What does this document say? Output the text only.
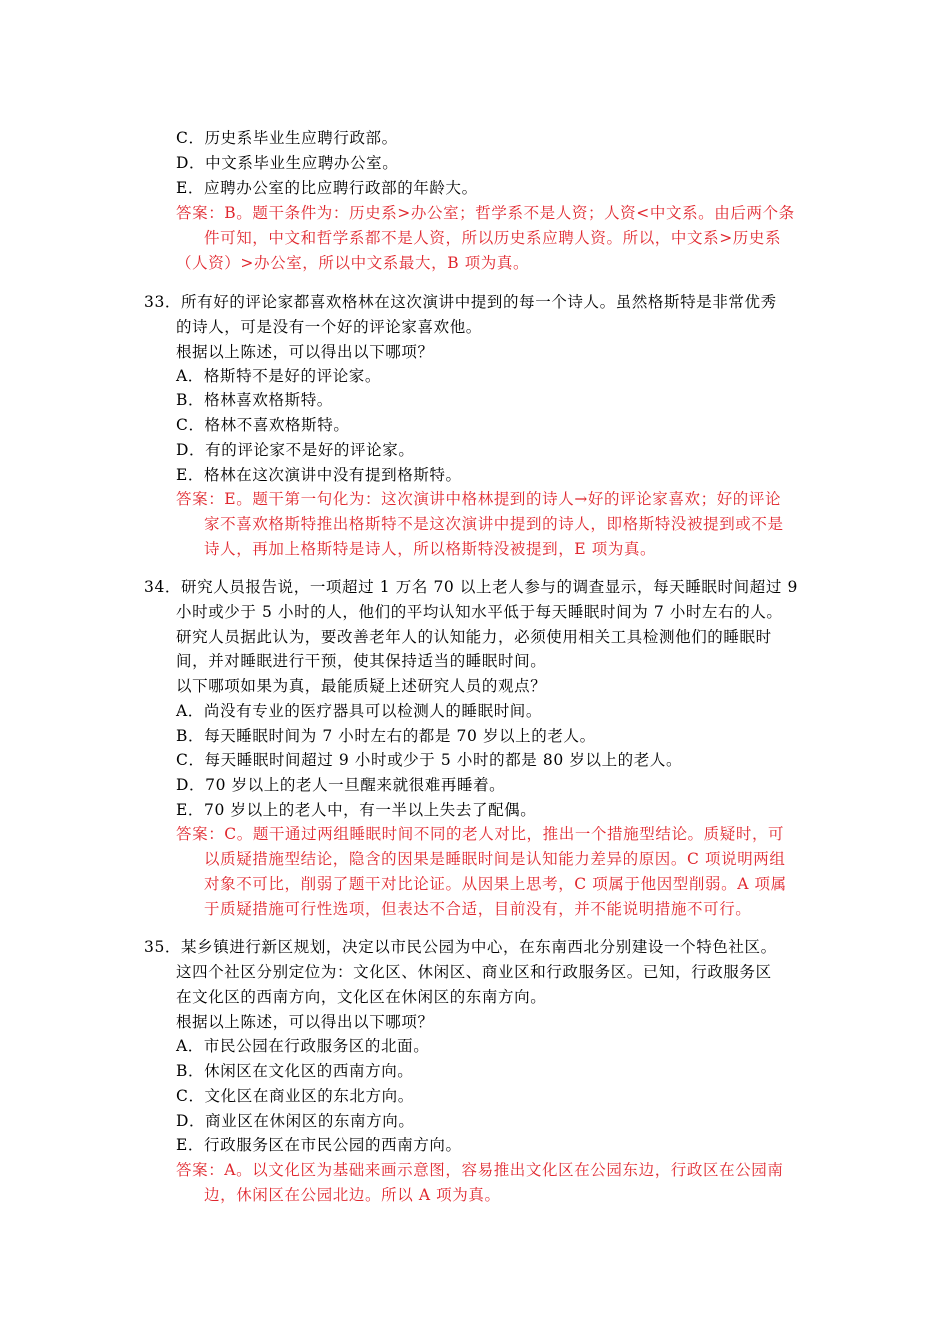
C．历史系毕业生应聘行政部。
D．中文系毕业生应聘办公室。
E．应聘办公室的比应聘行政部的年龄大。
答案：B。题干条件为：历史系>办公室；哲学系不是人资；人资<中文系。由后两个条
件可知，中文和哲学系都不是人资，所以历史系应聘人资。所以，中文系>历史系
（人资）>办公室，所以中文系最大，B 项为真。
33．所有好的评论家都喜欢格林在这次演讲中提到的每一个诗人。虽然格斯特是非常优秀
的诗人，可是没有一个好的评论家喜欢他。
根据以上陈述，可以得出以下哪项？
A．格斯特不是好的评论家。
B．格林喜欢格斯特。
C．格林不喜欢格斯特。
D．有的评论家不是好的评论家。
E．格林在这次演讲中没有提到格斯特。
答案：E。题干第一句化为：这次演讲中格林提到的诗人→好的评论家喜欢；好的评论
家不喜欢格斯特推出格斯特不是这次演讲中提到的诗人，即格斯特没被提到或不是
诗人，再加上格斯特是诗人，所以格斯特没被提到，E 项为真。
34．研究人员报告说，一项超过 1 万名 70 以上老人参与的调查显示，每天睡眠时间超过 9
小时或少于 5 小时的人，他们的平均认知水平低于每天睡眠时间为 7 小时左右的人。
研究人员据此认为，要改善老年人的认知能力，必须使用相关工具检测他们的睡眠时
间，并对睡眠进行干预，使其保持适当的睡眠时间。
以下哪项如果为真，最能质疑上述研究人员的观点？
A．尚没有专业的医疗器具可以检测人的睡眠时间。
B．每天睡眠时间为 7 小时左右的都是 70 岁以上的老人。
C．每天睡眠时间超过 9 小时或少于 5 小时的都是 80 岁以上的老人。
D．70 岁以上的老人一旦醒来就很难再睡着。
E．70 岁以上的老人中，有一半以上失去了配偶。
答案：C。题干通过两组睡眠时间不同的老人对比，推出一个措施型结论。质疑时，可
以质疑措施型结论，隐含的因果是睡眠时间是认知能力差异的原因。C 项说明两组
对象不可比，削弱了题干对比论证。从因果上思考，C 项属于他因型削弱。A 项属
于质疑措施可行性选项，但表达不合适，目前没有，并不能说明措施不可行。
35．某乡镇进行新区规划，决定以市民公园为中心，在东南西北分别建设一个特色社区。
这四个社区分别定位为：文化区、休闲区、商业区和行政服务区。已知，行政服务区
在文化区的西南方向，文化区在休闲区的东南方向。
根据以上陈述，可以得出以下哪项？
A．市民公园在行政服务区的北面。
B．休闲区在文化区的西南方向。
C．文化区在商业区的东北方向。
D．商业区在休闲区的东南方向。
E．行政服务区在市民公园的西南方向。
答案：A。以文化区为基础来画示意图，容易推出文化区在公园东边，行政区在公园南
边，休闲区在公园北边。所以 A 项为真。
